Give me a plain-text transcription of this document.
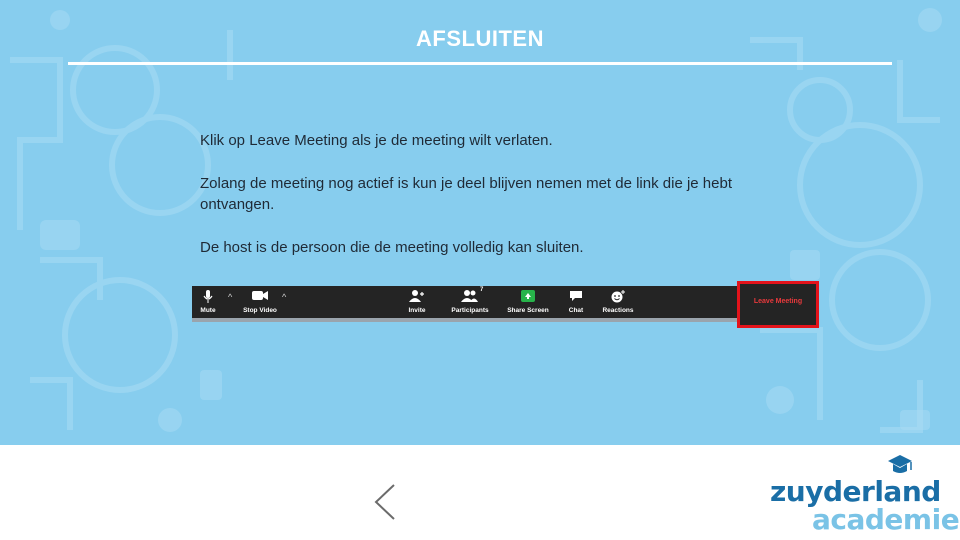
AFSLUITEN

Klik op Leave Meeting als je de meeting wilt verlaten.

Zolang de meeting nog actief is kun je deel blijven nemen met de link die je hebt ontvangen.

De host is de persoon die de meeting volledig kan sluiten.

Mute
^
Stop Video
^
Invite
7
Participants	Share Screen	Chat	Reactions
Leave Meeting
zuyderland
academie
